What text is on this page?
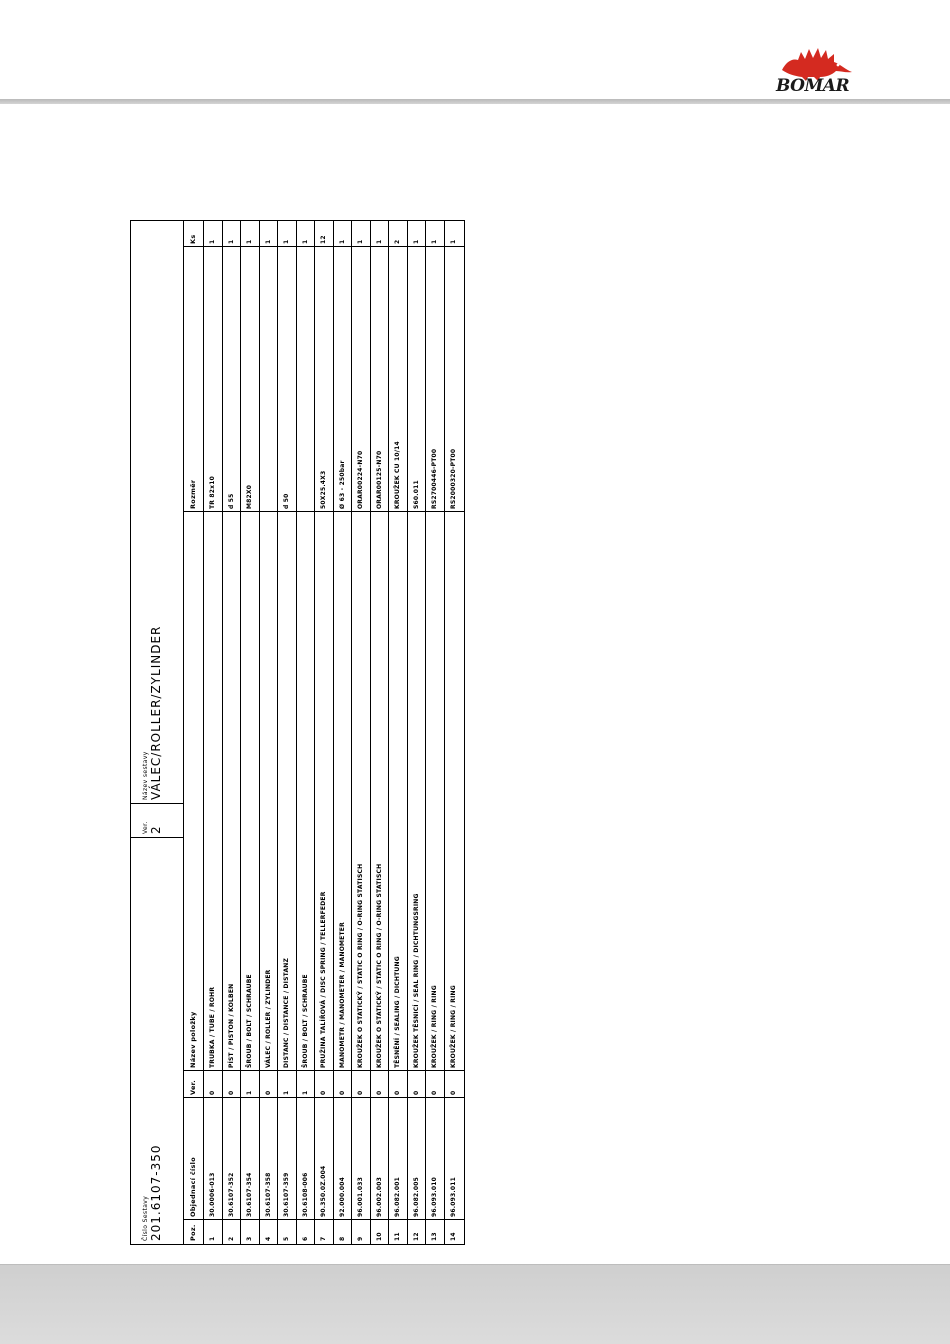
BOMAR
Číslo Sestavy 201.6107-350
Ver. 2
Název sestavy VÁLEC/ROLLER/ZYLINDER
Poz.
Objednací číslo
Ver.
Název položky
Rozměr
Ks
1
30.0006-013
0
TRUBKA / TUBE / ROHR
TR 82x10
1
2
30.6107-352
0
PÍST / PISTON / KOLBEN
d 55
1
3
30.6107-354
1
ŠROUB / BOLT / SCHRAUBE
M82X0
1
4
30.6107-358
0
VÁLEC / ROLLER / ZYLINDER
1
5
30.6107-359
1
DISTANC / DISTANCE / DISTANZ
d 50
1
6
30.6108-006
1
ŠROUB / BOLT / SCHRAUBE
1
7
90.350.0Z.004
0
PRUŽINA TALÍŘOVÁ / DISC SPRING / TELLERFEDER
50X25.4X3
12
8
92.000.004
0
MANOMETR / MANOMETER / MANOMETER
Ø 63 - 250bar
1
9
96.001.033
0
KROUŽEK O STATICKÝ / STATIC O RING / O-RING STATISCH
ORAR00224-N70
1
10
96.002.003
0
KROUŽEK O STATICKÝ / STATIC O RING / O-RING STATISCH
ORAR00125-N70
1
11
96.082.001
0
TĚSNĚNÍ / SEALING / DICHTUNG
KROUŽEK CU 10/14
2
12
96.082.005
0
KROUŽEK TĚSNICÍ / SEAL RING / DICHTUNGSRING
S60.011
1
13
96.093.010
0
KROUŽEK / RING / RING
RS2700446-PT00
1
14
96.093.011
0
KROUŽEK / RING / RING
RS2000320-PT00
1
